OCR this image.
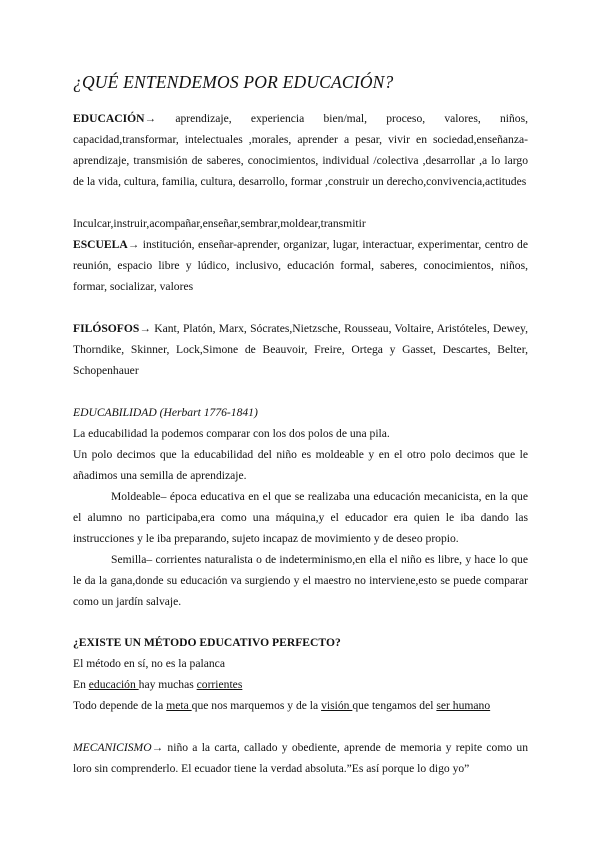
¿QUÉ ENTENDEMOS POR EDUCACIÓN?

EDUCACIÓN→ aprendizaje, experiencia bien/mal, proceso, valores, niños, capacidad,transformar, intelectuales ,morales, aprender a pesar, vivir en sociedad,enseñanza-aprendizaje, transmisión de saberes, conocimientos, individual /colectiva ,desarrollar ,a lo largo de la vida, cultura, familia, cultura, desarrollo, formar ,construir un derecho,convivencia,actitudes

Inculcar,instruir,acompañar,enseñar,sembrar,moldear,transmitir

ESCUELA→ institución, enseñar-aprender, organizar, lugar, interactuar, experimentar, centro de reunión, espacio libre y lúdico, inclusivo, educación formal, saberes, conocimientos, niños, formar, socializar, valores

FILÓSOFOS→ Kant, Platón, Marx, Sócrates,Nietzsche, Rousseau, Voltaire, Aristóteles, Dewey, Thorndike, Skinner, Lock,Simone de Beauvoir, Freire, Ortega y Gasset, Descartes, Belter, Schopenhauer

EDUCABILIDAD (Herbart 1776-1841)

La educabilidad la podemos comparar con los dos polos de una pila.

Un polo decimos que la educabilidad del niño es moldeable y en el otro polo decimos que le añadimos una semilla de aprendizaje.

Moldeable– época educativa en el que se realizaba una educación mecanicista, en la que el alumno no participaba,era como una máquina,y el educador era quien le iba dando las instrucciones y le iba preparando, sujeto incapaz de movimiento y de deseo propio.

Semilla– corrientes naturalista o de indeterminismo,en ella el niño es libre, y hace lo que le da la gana,donde su educación va surgiendo y el maestro no interviene,esto se puede comparar como un jardín salvaje.

¿EXISTE UN MÉTODO EDUCATIVO PERFECTO?

El método en sí, no es la palanca

En educación hay muchas corrientes

Todo depende de la meta que nos marquemos y de la visión que tengamos del ser humano

MECANICISMO→ niño a la carta, callado y obediente, aprende de memoria y repite como un loro sin comprenderlo. El ecuador tiene la verdad absoluta.”Es así porque lo digo yo”
